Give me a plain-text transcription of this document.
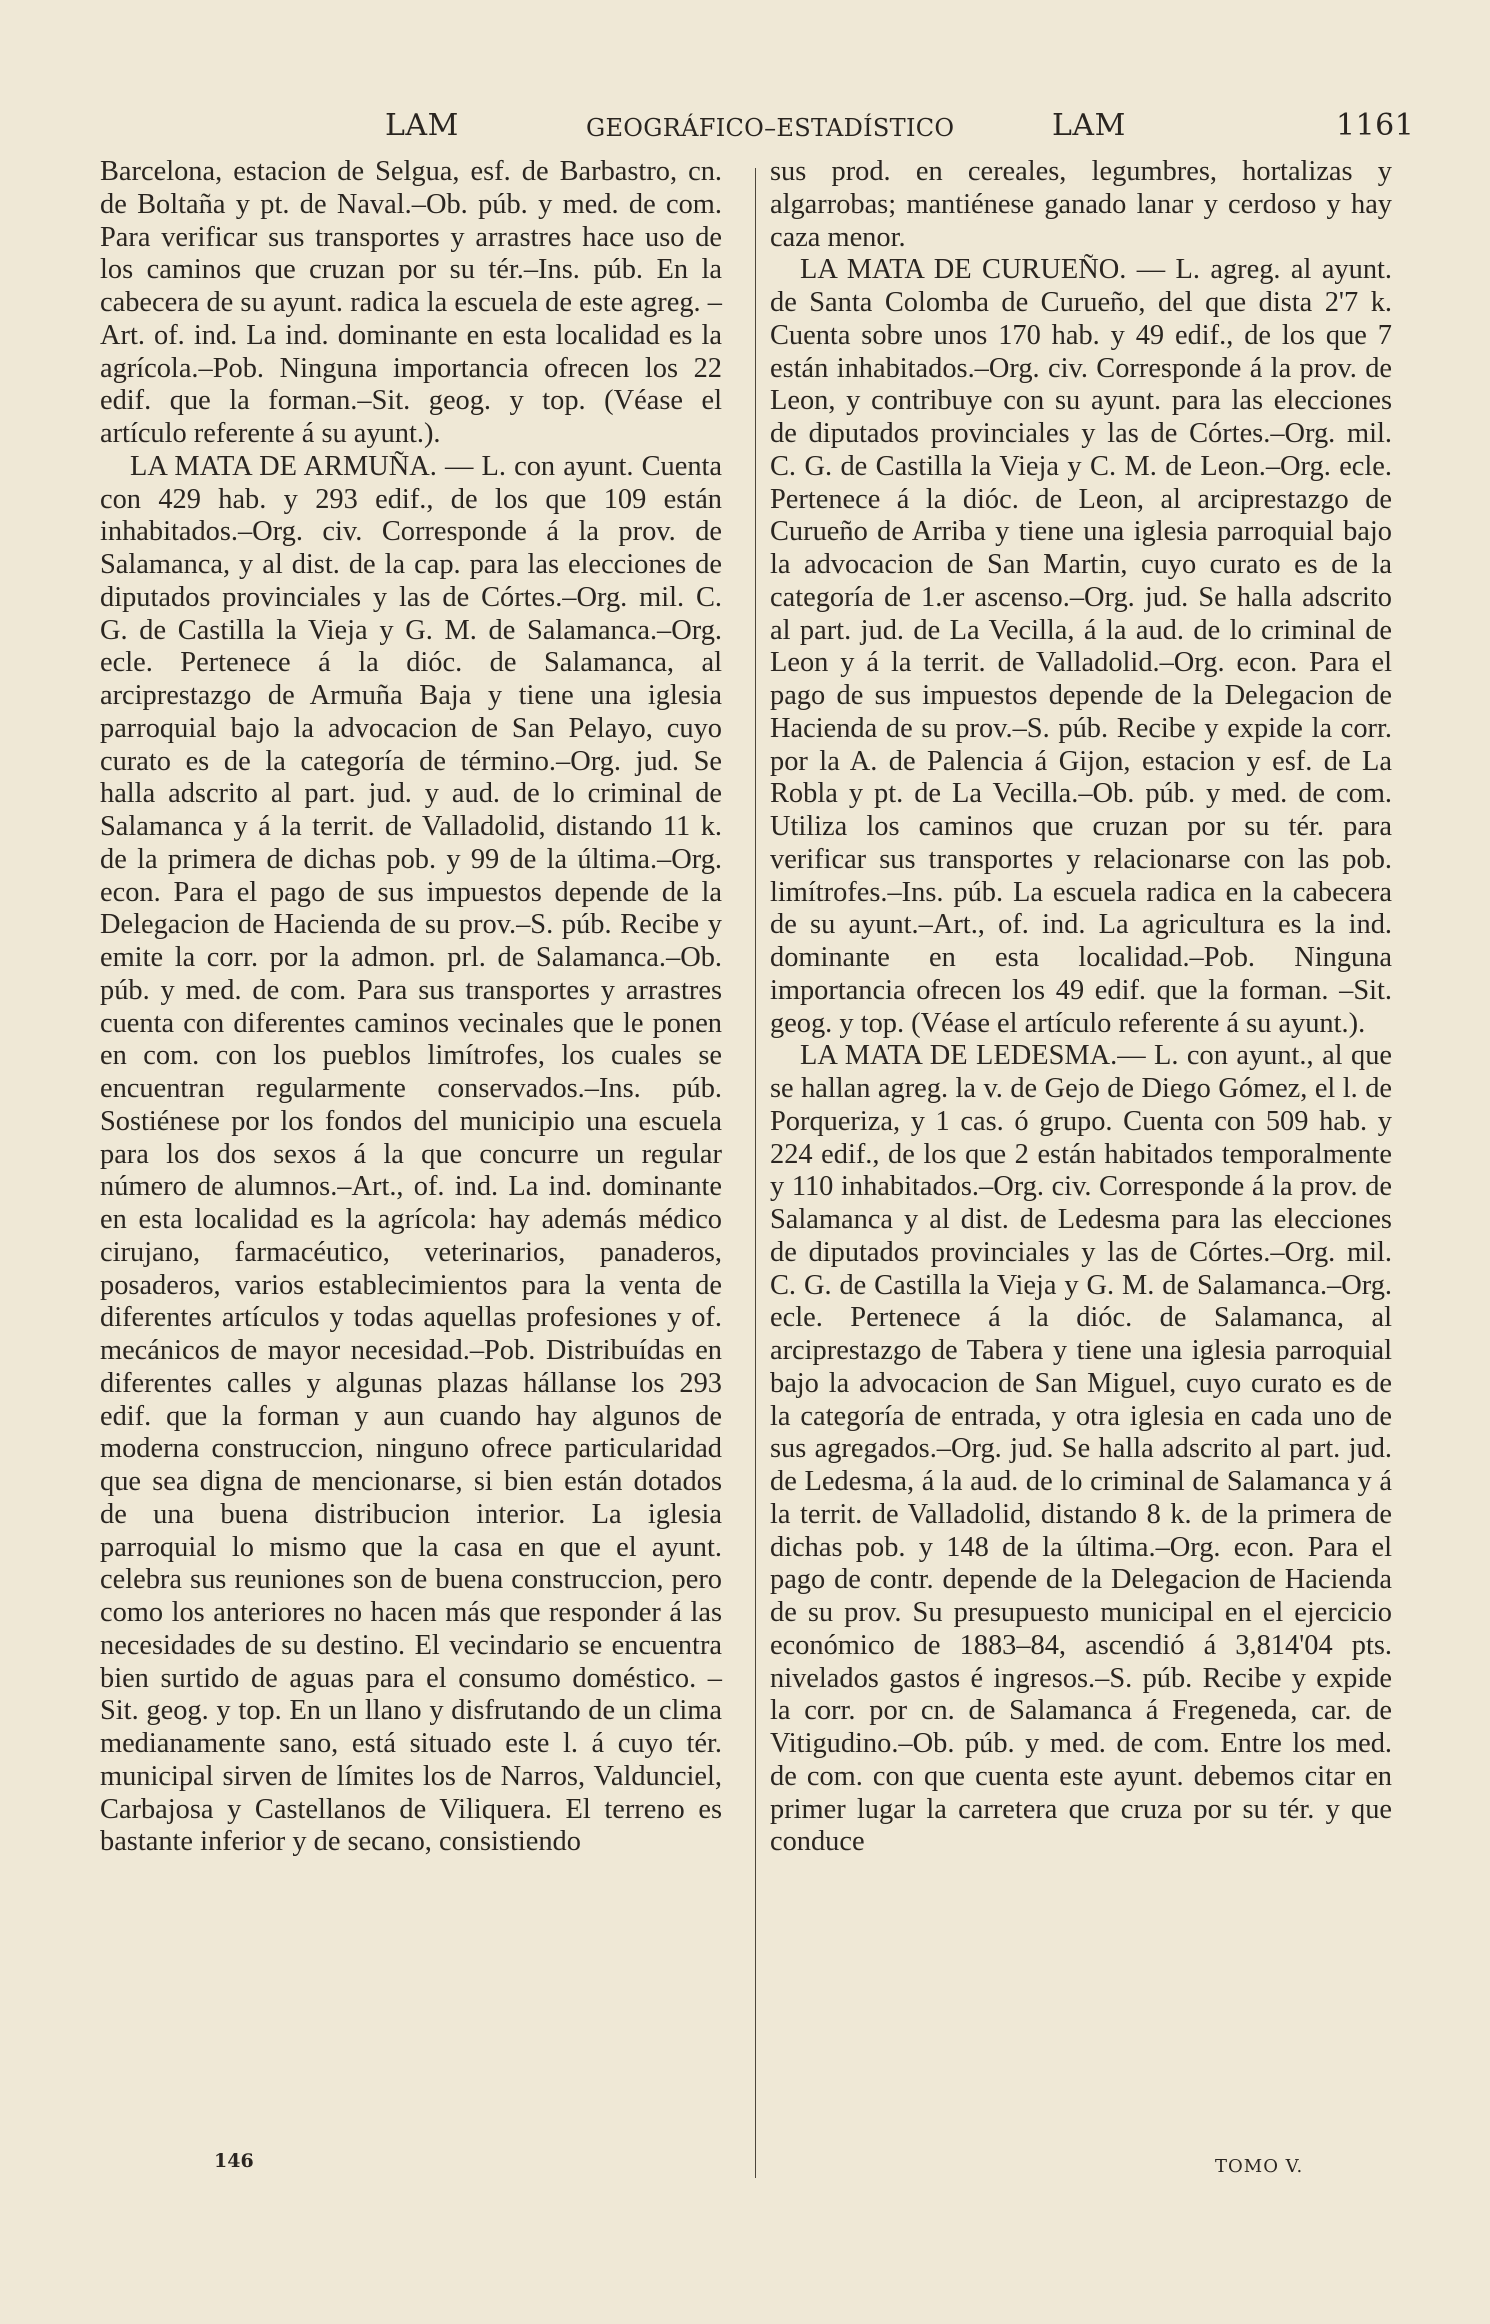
LAM	GEOGRÁFICO–ESTADÍSTICO	LAM	1161

Barcelona, estacion de Selgua, esf. de Barbastro, cn. de Boltaña y pt. de Naval.–Ob. púb. y med. de com. Para verificar sus transportes y arrastres hace uso de los caminos que cruzan por su tér.–Ins. púb. En la cabecera de su ayunt. radica la escuela de este agreg. –Art. of. ind. La ind. dominante en esta localidad es la agrícola.–Pob. Ninguna importancia ofrecen los 22 edif. que la forman.–Sit. geog. y top. (Véase el artículo referente á su ayunt.).

LA MATA DE ARMUÑA. — L. con ayunt. Cuenta con 429 hab. y 293 edif., de los que 109 están inhabitados.–Org. civ. Corresponde á la prov. de Salamanca, y al dist. de la cap. para las elecciones de diputados provinciales y las de Córtes.–Org. mil. C. G. de Castilla la Vieja y G. M. de Salamanca.–Org. ecle. Pertenece á la dióc. de Salamanca, al arciprestazgo de Armuña Baja y tiene una iglesia parroquial bajo la advocacion de San Pelayo, cuyo curato es de la categoría de término.–Org. jud. Se halla adscrito al part. jud. y aud. de lo criminal de Salamanca y á la territ. de Valladolid, distando 11 k. de la primera de dichas pob. y 99 de la última.–Org. econ. Para el pago de sus impuestos depende de la Delegacion de Hacienda de su prov.–S. púb. Recibe y emite la corr. por la admon. prl. de Salamanca.–Ob. púb. y med. de com. Para sus transportes y arrastres cuenta con diferentes caminos vecinales que le ponen en com. con los pueblos limítrofes, los cuales se encuentran regularmente conservados.–Ins. púb. Sostiénese por los fondos del municipio una escuela para los dos sexos á la que concurre un regular número de alumnos.–Art., of. ind. La ind. dominante en esta localidad es la agrícola: hay además médico cirujano, farmacéutico, veterinarios, panaderos, posaderos, varios establecimientos para la venta de diferentes artículos y todas aquellas profesiones y of. mecánicos de mayor necesidad.–Pob. Distribuídas en diferentes calles y algunas plazas hállanse los 293 edif. que la forman y aun cuando hay algunos de moderna construccion, ninguno ofrece particularidad que sea digna de mencionarse, si bien están dotados de una buena distribucion interior. La iglesia parroquial lo mismo que la casa en que el ayunt. celebra sus reuniones son de buena construccion, pero como los anteriores no hacen más que responder á las necesidades de su destino. El vecindario se encuentra bien surtido de aguas para el consumo doméstico. – Sit. geog. y top. En un llano y disfrutando de un clima medianamente sano, está situado este l. á cuyo tér. municipal sirven de límites los de Narros, Valdunciel, Carbajosa y Castellanos de Viliquera. El terreno es bastante inferior y de secano, consistiendo

sus prod. en cereales, legumbres, hortalizas y algarrobas; mantiénese ganado lanar y cerdoso y hay caza menor.

LA MATA DE CURUEÑO. — L. agreg. al ayunt. de Santa Colomba de Curueño, del que dista 2'7 k. Cuenta sobre unos 170 hab. y 49 edif., de los que 7 están inhabitados.–Org. civ. Corresponde á la prov. de Leon, y contribuye con su ayunt. para las elecciones de diputados provinciales y las de Córtes.–Org. mil. C. G. de Castilla la Vieja y C. M. de Leon.–Org. ecle. Pertenece á la dióc. de Leon, al arciprestazgo de Curueño de Arriba y tiene una iglesia parroquial bajo la advocacion de San Martin, cuyo curato es de la categoría de 1.er ascenso.–Org. jud. Se halla adscrito al part. jud. de La Vecilla, á la aud. de lo criminal de Leon y á la territ. de Valladolid.–Org. econ. Para el pago de sus impuestos depende de la Delegacion de Hacienda de su prov.–S. púb. Recibe y expide la corr. por la A. de Palencia á Gijon, estacion y esf. de La Robla y pt. de La Vecilla.–Ob. púb. y med. de com. Utiliza los caminos que cruzan por su tér. para verificar sus transportes y relacionarse con las pob. limítrofes.–Ins. púb. La escuela radica en la cabecera de su ayunt.–Art., of. ind. La agricultura es la ind. dominante en esta localidad.–Pob. Ninguna importancia ofrecen los 49 edif. que la forman. –Sit. geog. y top. (Véase el artículo referente á su ayunt.).

LA MATA DE LEDESMA.— L. con ayunt., al que se hallan agreg. la v. de Gejo de Diego Gómez, el l. de Porqueriza, y 1 cas. ó grupo. Cuenta con 509 hab. y 224 edif., de los que 2 están habitados temporalmente y 110 inhabitados.–Org. civ. Corresponde á la prov. de Salamanca y al dist. de Ledesma para las elecciones de diputados provinciales y las de Córtes.–Org. mil. C. G. de Castilla la Vieja y G. M. de Salamanca.–Org. ecle. Pertenece á la dióc. de Salamanca, al arciprestazgo de Tabera y tiene una iglesia parroquial bajo la advocacion de San Miguel, cuyo curato es de la categoría de entrada, y otra iglesia en cada uno de sus agregados.–Org. jud. Se halla adscrito al part. jud. de Ledesma, á la aud. de lo criminal de Salamanca y á la territ. de Valladolid, distando 8 k. de la primera de dichas pob. y 148 de la última.–Org. econ. Para el pago de contr. depende de la Delegacion de Hacienda de su prov. Su presupuesto municipal en el ejercicio económico de 1883–84, ascendió á 3,814'04 pts. nivelados gastos é ingresos.–S. púb. Recibe y expide la corr. por cn. de Salamanca á Fregeneda, car. de Vitigudino.–Ob. púb. y med. de com. Entre los med. de com. con que cuenta este ayunt. debemos citar en primer lugar la carretera que cruza por su tér. y que conduce

146	TOMO V.
